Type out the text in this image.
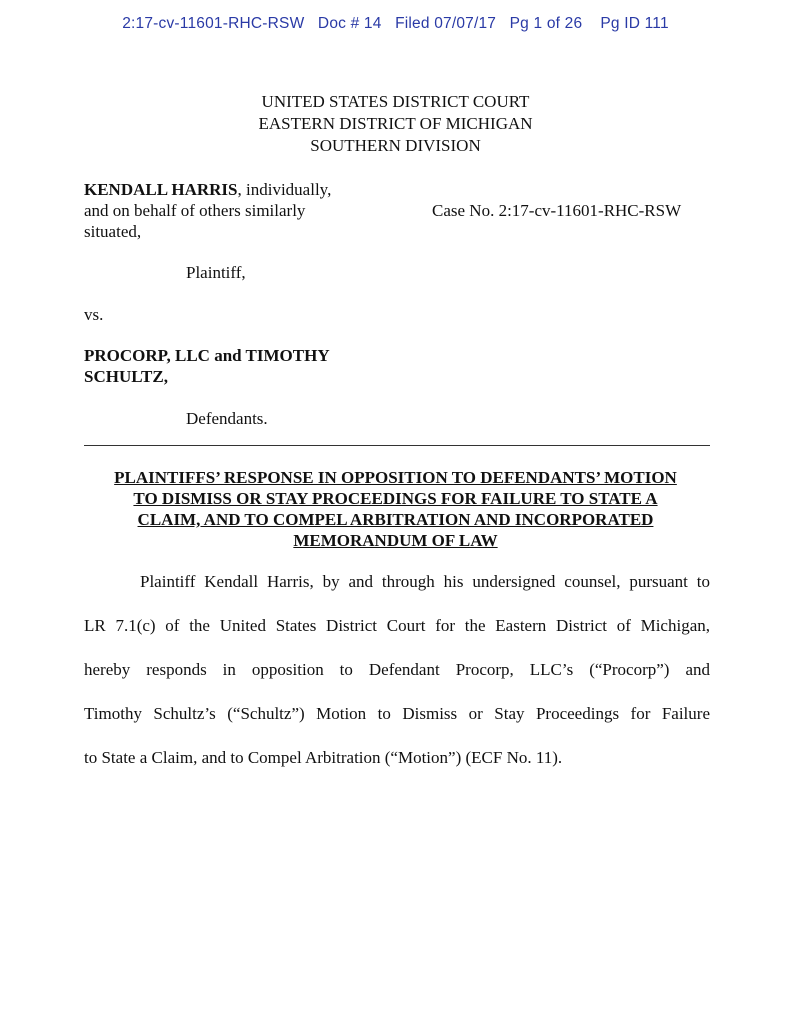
2:17-cv-11601-RHC-RSW   Doc # 14   Filed 07/07/17   Pg 1 of 26    Pg ID 111
UNITED STATES DISTRICT COURT
EASTERN DISTRICT OF MICHIGAN
SOUTHERN DIVISION
KENDALL HARRIS, individually,
and on behalf of others similarly
situated,
Case No. 2:17-cv-11601-RHC-RSW
Plaintiff,
vs.
PROCORP, LLC and TIMOTHY
SCHULTZ,
Defendants.
PLAINTIFFS’ RESPONSE IN OPPOSITION TO DEFENDANTS’ MOTION
TO DISMISS OR STAY PROCEEDINGS FOR FAILURE TO STATE A
CLAIM, AND TO COMPEL ARBITRATION AND INCORPORATED
MEMORANDUM OF LAW
Plaintiff Kendall Harris, by and through his undersigned counsel, pursuant to
LR 7.1(c) of the United States District Court for the Eastern District of Michigan,
hereby responds in opposition to Defendant Procorp, LLC’s (“Procorp”) and
Timothy Schultz’s (“Schultz”) Motion to Dismiss or Stay Proceedings for Failure
to State a Claim, and to Compel Arbitration (“Motion”) (ECF No. 11).
